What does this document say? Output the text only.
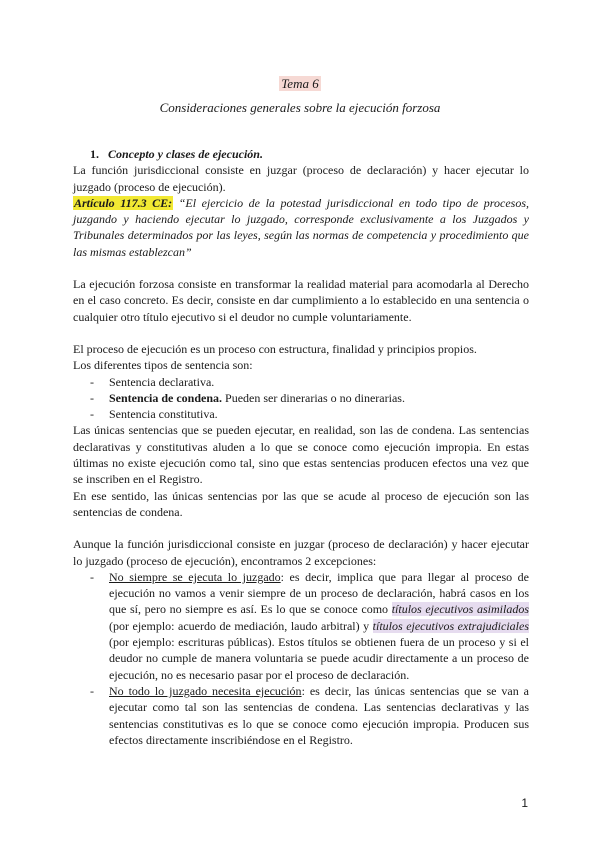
Tema 6
Consideraciones generales sobre la ejecución forzosa

1. Concepto y clases de ejecución.

La función jurisdiccional consiste en juzgar (proceso de declaración) y hacer ejecutar lo juzgado (proceso de ejecución).

Artículo 117.3 CE: “El ejercicio de la potestad jurisdiccional en todo tipo de procesos, juzgando y haciendo ejecutar lo juzgado, corresponde exclusivamente a los Juzgados y Tribunales determinados por las leyes, según las normas de competencia y procedimiento que las mismas establezcan”

La ejecución forzosa consiste en transformar la realidad material para acomodarla al Derecho en el caso concreto. Es decir, consiste en dar cumplimiento a lo establecido en una sentencia o cualquier otro título ejecutivo si el deudor no cumple voluntariamente.

El proceso de ejecución es un proceso con estructura, finalidad y principios propios.

Los diferentes tipos de sentencia son:

- Sentencia declarativa.
- Sentencia de condena. Pueden ser dinerarias o no dinerarias.
- Sentencia constitutiva.

Las únicas sentencias que se pueden ejecutar, en realidad, son las de condena. Las sentencias declarativas y constitutivas aluden a lo que se conoce como ejecución impropia. En estas últimas no existe ejecución como tal, sino que estas sentencias producen efectos una vez que se inscriben en el Registro.

En ese sentido, las únicas sentencias por las que se acude al proceso de ejecución son las sentencias de condena.

Aunque la función jurisdiccional consiste en juzgar (proceso de declaración) y hacer ejecutar lo juzgado (proceso de ejecución), encontramos 2 excepciones:

- No siempre se ejecuta lo juzgado: es decir, implica que para llegar al proceso de ejecución no vamos a venir siempre de un proceso de declaración, habrá casos en los que sí, pero no siempre es así. Es lo que se conoce como títulos ejecutivos asimilados (por ejemplo: acuerdo de mediación, laudo arbitral) y títulos ejecutivos extrajudiciales (por ejemplo: escrituras públicas). Estos títulos se obtienen fuera de un proceso y si el deudor no cumple de manera voluntaria se puede acudir directamente a un proceso de ejecución, no es necesario pasar por el proceso de declaración.
- No todo lo juzgado necesita ejecución: es decir, las únicas sentencias que se van a ejecutar como tal son las sentencias de condena. Las sentencias declarativas y las sentencias constitutivas es lo que se conoce como ejecución impropia. Producen sus efectos directamente inscribiéndose en el Registro.
1
